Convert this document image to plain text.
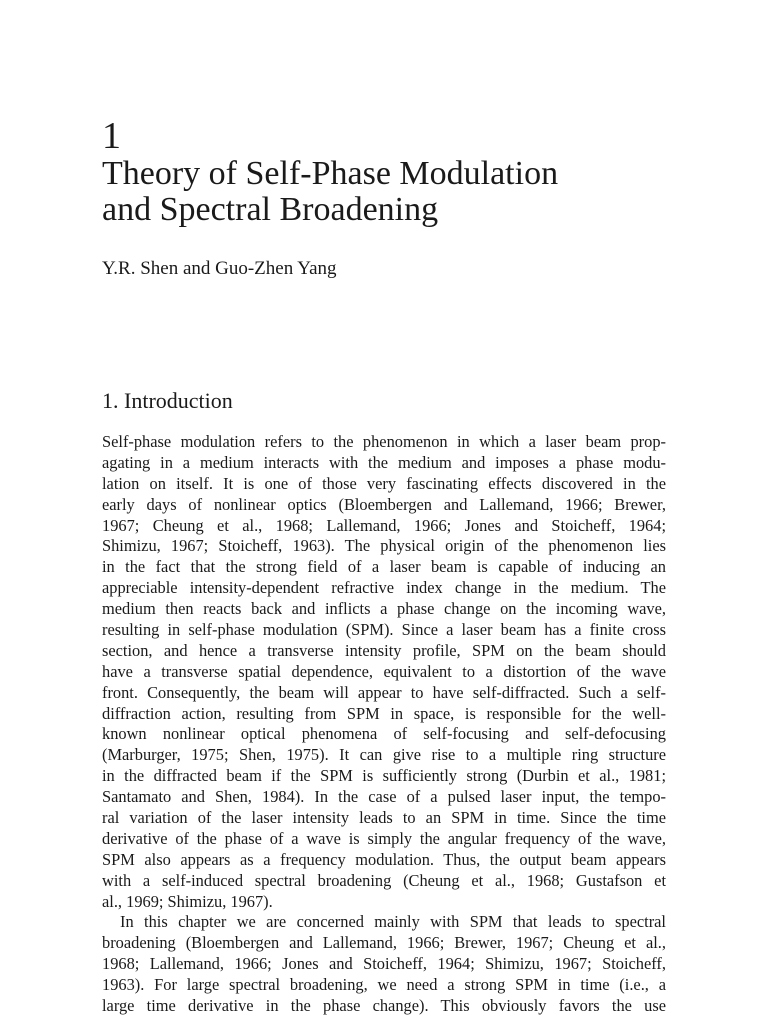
1
Theory of Self-Phase Modulation
and Spectral Broadening
Y.R. Shen and Guo-Zhen Yang
1. Introduction
Self-phase modulation refers to the phenomenon in which a laser beam prop-
agating in a medium interacts with the medium and imposes a phase modu-
lation on itself. It is one of those very fascinating effects discovered in the
early days of nonlinear optics (Bloembergen and Lallemand, 1966; Brewer,
1967; Cheung et al., 1968; Lallemand, 1966; Jones and Stoicheff, 1964;
Shimizu, 1967; Stoicheff, 1963). The physical origin of the phenomenon lies
in the fact that the strong field of a laser beam is capable of inducing an
appreciable intensity-dependent refractive index change in the medium. The
medium then reacts back and inflicts a phase change on the incoming wave,
resulting in self-phase modulation (SPM). Since a laser beam has a finite cross
section, and hence a transverse intensity profile, SPM on the beam should
have a transverse spatial dependence, equivalent to a distortion of the wave
front. Consequently, the beam will appear to have self-diffracted. Such a self-
diffraction action, resulting from SPM in space, is responsible for the well-
known nonlinear optical phenomena of self-focusing and self-defocusing
(Marburger, 1975; Shen, 1975). It can give rise to a multiple ring structure
in the diffracted beam if the SPM is sufficiently strong (Durbin et al., 1981;
Santamato and Shen, 1984). In the case of a pulsed laser input, the tempo-
ral variation of the laser intensity leads to an SPM in time. Since the time
derivative of the phase of a wave is simply the angular frequency of the wave,
SPM also appears as a frequency modulation. Thus, the output beam appears
with a self-induced spectral broadening (Cheung et al., 1968; Gustafson et
al., 1969; Shimizu, 1967).
In this chapter we are concerned mainly with SPM that leads to spectral
broadening (Bloembergen and Lallemand, 1966; Brewer, 1967; Cheung et al.,
1968; Lallemand, 1966; Jones and Stoicheff, 1964; Shimizu, 1967; Stoicheff,
1963). For large spectral broadening, we need a strong SPM in time (i.e., a
large time derivative in the phase change). This obviously favors the use
